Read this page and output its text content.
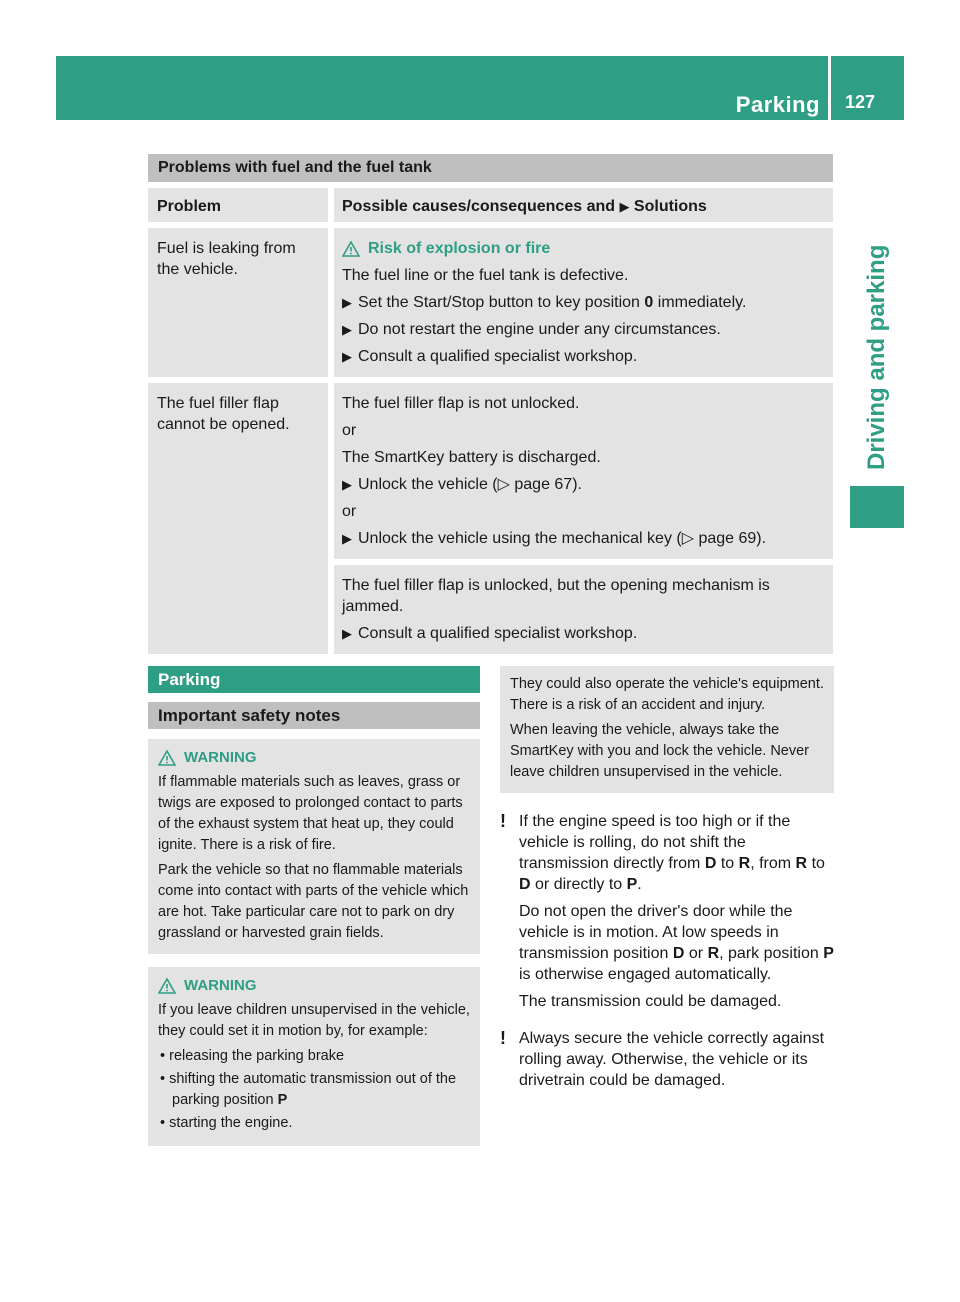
Parking 127
Driving and parking
Problems with fuel and the fuel tank
Problem	Possible causes/consequences and ▶ Solutions
Fuel is leaking from the vehicle.
Risk of explosion or fire
The fuel line or the fuel tank is defective.
▶ Set the Start/Stop button to key position 0 immediately.
▶ Do not restart the engine under any circumstances.
▶ Consult a qualified specialist workshop.
The fuel filler flap cannot be opened.
The fuel filler flap is not unlocked.
or
The SmartKey battery is discharged.
▶ Unlock the vehicle (▷ page 67).
or
▶ Unlock the vehicle using the mechanical key (▷ page 69).
The fuel filler flap is unlocked, but the opening mechanism is jammed.
▶ Consult a qualified specialist workshop.
Parking
Important safety notes
WARNING

If flammable materials such as leaves, grass or twigs are exposed to prolonged contact to parts of the exhaust system that heat up, they could ignite. There is a risk of fire.

Park the vehicle so that no flammable materials come into contact with parts of the vehicle which are hot. Take particular care not to park on dry grassland or harvested grain fields.

WARNING

If you leave children unsupervised in the vehicle, they could set it in motion by, for example:

• releasing the parking brake
• shifting the automatic transmission out of the parking position P
• starting the engine.

They could also operate the vehicle's equipment. There is a risk of an accident and injury.

When leaving the vehicle, always take the SmartKey with you and lock the vehicle. Never leave children unsupervised in the vehicle.

! If the engine speed is too high or if the vehicle is rolling, do not shift the transmission directly from D to R, from R to D or directly to P.

Do not open the driver's door while the vehicle is in motion. At low speeds in transmission position D or R, park position P is otherwise engaged automatically.

The transmission could be damaged.

! Always secure the vehicle correctly against rolling away. Otherwise, the vehicle or its drivetrain could be damaged.
